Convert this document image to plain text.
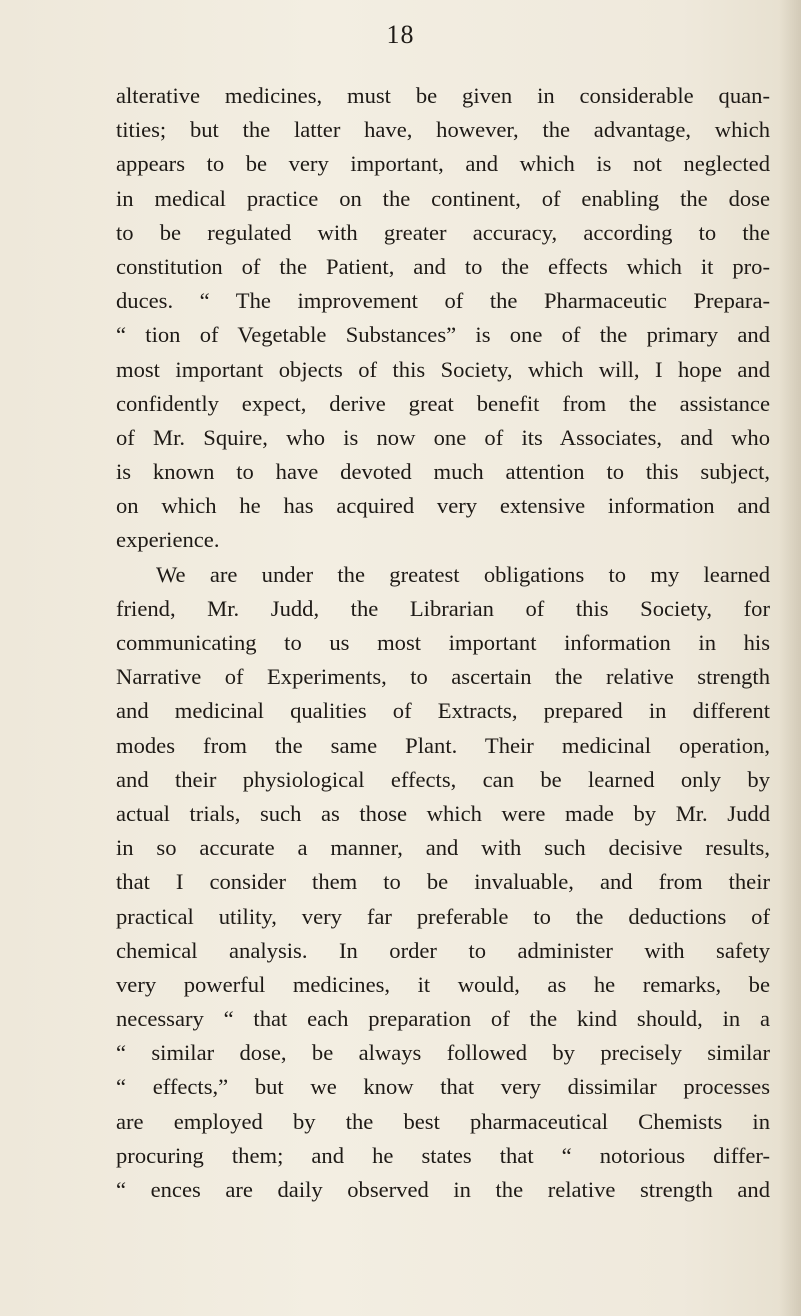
18
alterative medicines, must be given in considerable quan-
tities; but the latter have, however, the advantage, which
appears to be very important, and which is not neglected
in medical practice on the continent, of enabling the dose
to be regulated with greater accuracy, according to the
constitution of the Patient, and to the effects which it pro-
duces. “ The improvement of the Pharmaceutic Prepara-
“ tion of Vegetable Substances” is one of the primary and
most important objects of this Society, which will, I hope and
confidently expect, derive great benefit from the assistance
of Mr. Squire, who is now one of its Associates, and who
is known to have devoted much attention to this subject,
on which he has acquired very extensive information and
experience.
We are under the greatest obligations to my learned
friend, Mr. Judd, the Librarian of this Society, for
communicating to us most important information in his
Narrative of Experiments, to ascertain the relative strength
and medicinal qualities of Extracts, prepared in different
modes from the same Plant. Their medicinal operation,
and their physiological effects, can be learned only by
actual trials, such as those which were made by Mr. Judd
in so accurate a manner, and with such decisive results,
that I consider them to be invaluable, and from their
practical utility, very far preferable to the deductions of
chemical analysis. In order to administer with safety
very powerful medicines, it would, as he remarks, be
necessary “ that each preparation of the kind should, in a
“ similar dose, be always followed by precisely similar
“ effects,” but we know that very dissimilar processes
are employed by the best pharmaceutical Chemists in
procuring them; and he states that “ notorious differ-
“ ences are daily observed in the relative strength and
